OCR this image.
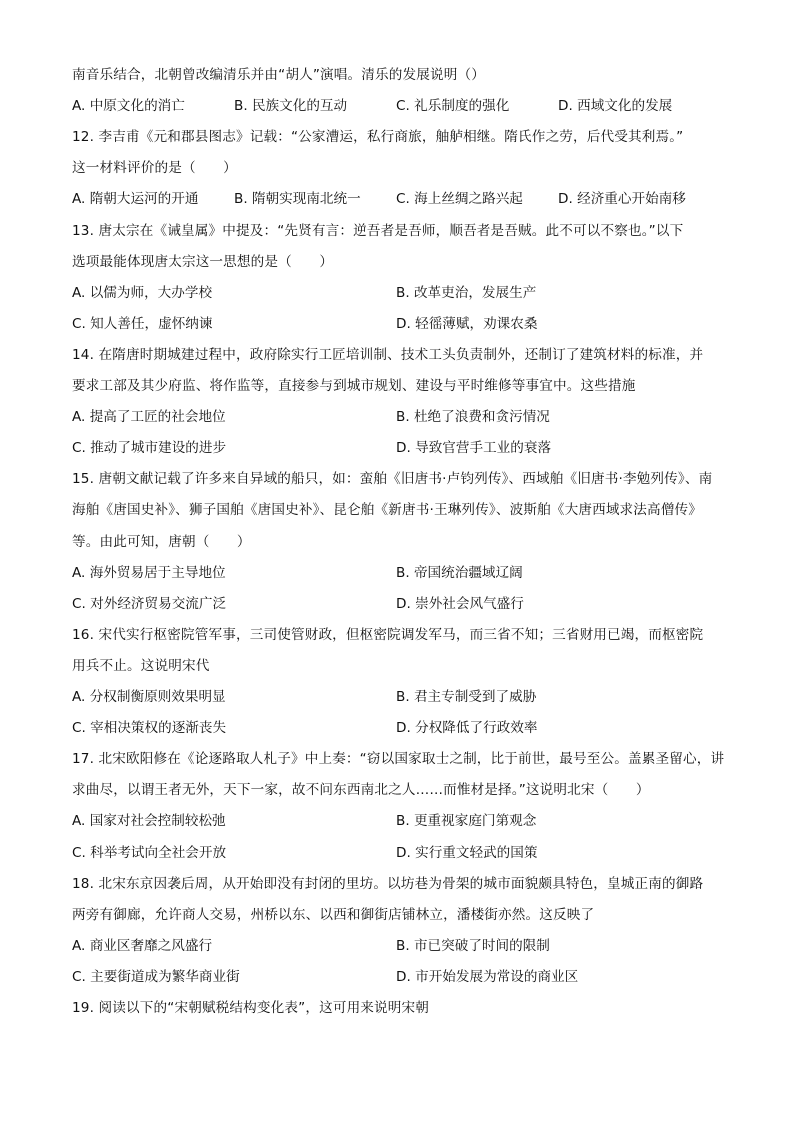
南音乐结合，北朝曾改编清乐并由“胡人”演唱。清乐的发展说明（）
A. 中原文化的消亡	B. 民族文化的互动	C. 礼乐制度的强化	D. 西域文化的发展
12. 李吉甫《元和郡县图志》记载：“公家漕运，私行商旅，舳舻相继。隋氏作之劳，后代受其利焉。”
这一材料评价的是（　　）
A. 隋朝大运河的开通	B. 隋朝实现南北统一	C. 海上丝绸之路兴起	D. 经济重心开始南移
13. 唐太宗在《诫皇属》中提及：“先贤有言：逆吾者是吾师，顺吾者是吾贼。此不可以不察也。”以下
选项最能体现唐太宗这一思想的是（　　）
A. 以儒为师，大办学校	B. 改革吏治，发展生产
C. 知人善任，虚怀纳谏	D. 轻徭薄赋，劝课农桑
14. 在隋唐时期城建过程中，政府除实行工匠培训制、技术工头负责制外，还制订了建筑材料的标准，并
要求工部及其少府监、将作监等，直接参与到城市规划、建设与平时维修等事宜中。这些措施
A. 提高了工匠的社会地位	B. 杜绝了浪费和贪污情况
C. 推动了城市建设的进步	D. 导致官营手工业的衰落
15. 唐朝文献记载了许多来自异域的船只，如：蛮舶《旧唐书·卢钧列传》、西域舶《旧唐书·李勉列传》、南
海舶《唐国史补》、狮子国舶《唐国史补》、昆仑舶《新唐书·王琳列传》、波斯舶《大唐西域求法高僧传》
等。由此可知，唐朝（　　）
A. 海外贸易居于主导地位	B. 帝国统治疆域辽阔
C. 对外经济贸易交流广泛	D. 崇外社会风气盛行
16. 宋代实行枢密院管军事，三司使管财政，但枢密院调发军马，而三省不知；三省财用已竭，而枢密院
用兵不止。这说明宋代
A. 分权制衡原则效果明显	B. 君主专制受到了威胁
C. 宰相决策权的逐渐丧失	D. 分权降低了行政效率
17. 北宋欧阳修在《论逐路取人札子》中上奏：“窃以国家取士之制，比于前世，最号至公。盖累圣留心，讲
求曲尽，以谓王者无外，天下一家，故不问东西南北之人……而惟材是择。”这说明北宋（　　）
A. 国家对社会控制较松弛	B. 更重视家庭门第观念
C. 科举考试向全社会开放	D. 实行重文轻武的国策
18. 北宋东京因袭后周，从开始即没有封闭的里坊。以坊巷为骨架的城市面貌颇具特色，皇城正南的御路
两旁有御廊，允许商人交易，州桥以东、以西和御街店铺林立，潘楼街亦然。这反映了
A. 商业区奢靡之风盛行	B. 市已突破了时间的限制
C. 主要街道成为繁华商业街	D. 市开始发展为常设的商业区
19. 阅读以下的“宋朝赋税结构变化表”，这可用来说明宋朝
